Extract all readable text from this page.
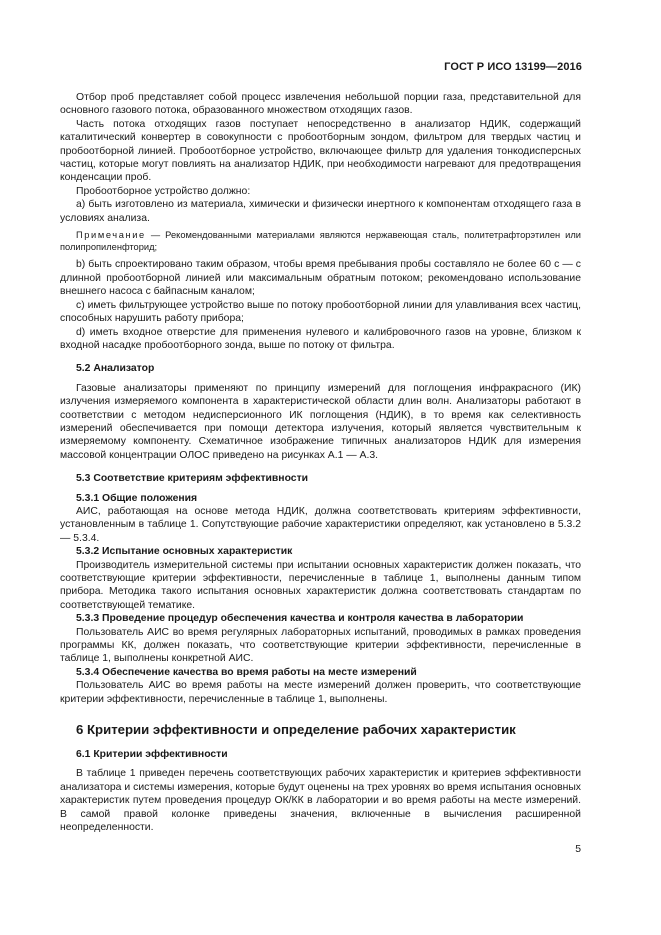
ГОСТ Р ИСО 13199—2016

Отбор проб представляет собой процесс извлечения небольшой порции газа, представительной для основного газового потока, образованного множеством отходящих газов.

Часть потока отходящих газов поступает непосредственно в анализатор НДИК, содержащий каталитический конвертер в совокупности с пробоотборным зондом, фильтром для твердых частиц и пробоотборной линией. Пробоотборное устройство, включающее фильтр для удаления тонкодисперсных частиц, которые могут повлиять на анализатор НДИК, при необходимости нагревают для предотвращения конденсации проб.

Пробоотборное устройство должно:

а) быть изготовлено из материала, химически и физически инертного к компонентам отходящего газа в условиях анализа.

Примечание — Рекомендованными материалами являются нержавеющая сталь, политетрафторэтилен или полипропиленфторид;

b) быть спроектировано таким образом, чтобы время пребывания пробы составляло не более 60 с — с длинной пробоотборной линией или максимальным обратным потоком; рекомендовано использование внешнего насоса с байпасным каналом;

с) иметь фильтрующее устройство выше по потоку пробоотборной линии для улавливания всех частиц, способных нарушить работу прибора;

d) иметь входное отверстие для применения нулевого и калибровочного газов на уровне, близком к входной насадке пробоотборного зонда, выше по потоку от фильтра.

5.2 Анализатор

Газовые анализаторы применяют по принципу измерений для поглощения инфракрасного (ИК) излучения измеряемого компонента в характеристической области длин волн. Анализаторы работают в соответствии с методом недисперсионного ИК поглощения (НДИК), в то время как селективность измерений обеспечивается при помощи детектора излучения, который является чувствительным к измеряемому компоненту. Схематичное изображение типичных анализаторов НДИК для измерения массовой концентрации ОЛОС приведено на рисунках А.1 — А.3.

5.3 Соответствие критериям эффективности
5.3.1 Общие положения

АИС, работающая на основе метода НДИК, должна соответствовать критериям эффективности, установленным в таблице 1. Сопутствующие рабочие характеристики определяют, как установлено в 5.3.2 — 5.3.4.

5.3.2 Испытание основных характеристик

Производитель измерительной системы при испытании основных характеристик должен показать, что соответствующие критерии эффективности, перечисленные в таблице 1, выполнены данным типом прибора. Методика такого испытания основных характеристик должна соответствовать стандартам по соответствующей тематике.

5.3.3 Проведение процедур обеспечения качества и контроля качества в лаборатории

Пользователь АИС во время регулярных лабораторных испытаний, проводимых в рамках проведения программы КК, должен показать, что соответствующие критерии эффективности, перечисленные в таблице 1, выполнены конкретной АИС.

5.3.4 Обеспечение качества во время работы на месте измерений

Пользователь АИС во время работы на месте измерений должен проверить, что соответствующие критерии эффективности, перечисленные в таблице 1, выполнены.

6 Критерии эффективности и определение рабочих характеристик
6.1 Критерии эффективности

В таблице 1 приведен перечень соответствующих рабочих характеристик и критериев эффективности анализатора и системы измерения, которые будут оценены на трех уровнях во время испытания основных характеристик путем проведения процедур ОК/КК в лаборатории и во время работы на месте измерений. В самой правой колонке приведены значения, включенные в вычисления расширенной неопределенности.

5
